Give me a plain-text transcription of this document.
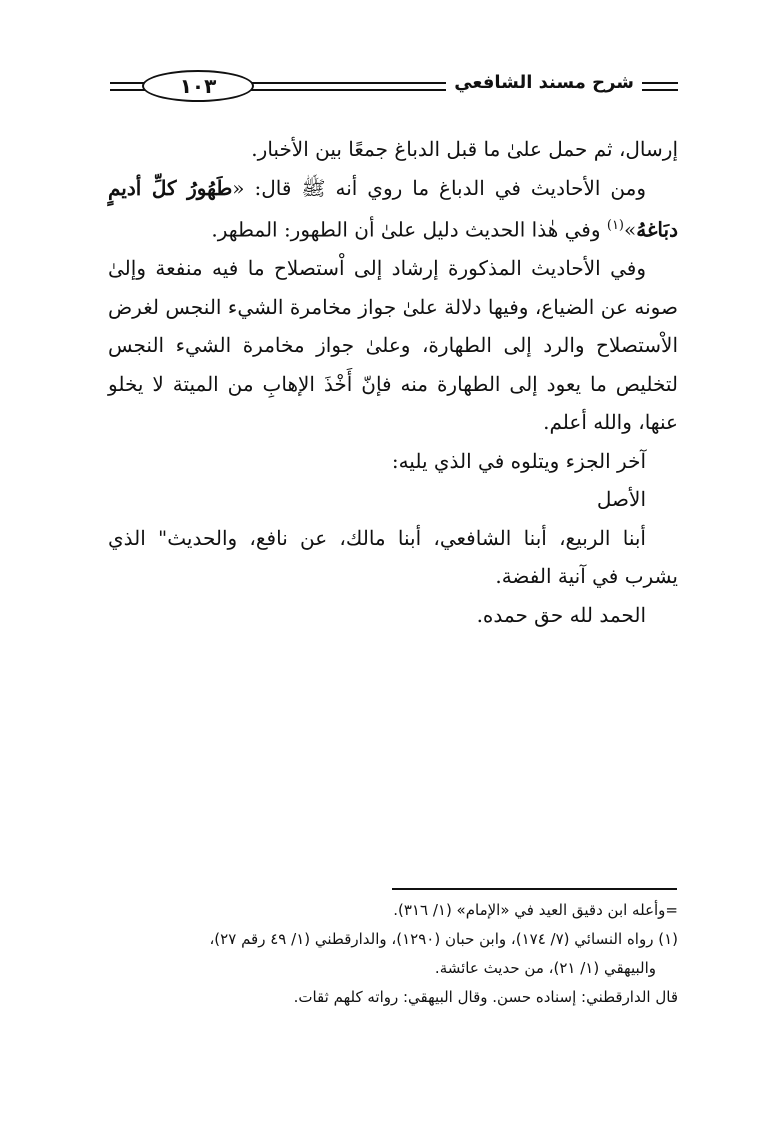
١٠٣	شرح مسند الشافعي

إرسال، ثم حمل علىٰ ما قبل الدباغ جمعًا بين الأخبار.

ومن الأحاديث في الدباغ ما روي أنه ﷺ قال: «طَهُورُ كلِّ أديمٍ دبَاغهُ»$^{(١)}$ وفي هٰذا الحديث دليل علىٰ أن الطهور: المطهر.

وفي الأحاديث المذكورة إرشاد إلى اْستصلاح ما فيه منفعة وإلىٰ صونه عن الضياع، وفيها دلالة علىٰ جواز مخامرة الشيء النجس لغرض الاْستصلاح والرد إلى الطهارة، وعلىٰ جواز مخامرة الشيء النجس لتخليص ما يعود إلى الطهارة منه فإنّ أَخْذَ الإهابِ من الميتة لا يخلو عنها، والله أعلم.

آخر الجزء ويتلوه في الذي يليه:

الأصل

أبنا الربيع، أبنا الشافعي، أبنا مالك، عن نافع، والحديث" الذي يشرب في آنية الفضة.

الحمد لله حق حمده.

=وأعله ابن دقيق العيد في «الإمام» (١/ ٣١٦).

(١) رواه النسائي (٧/ ١٧٤)، وابن حبان (١٢٩٠)، والدارقطني (١/ ٤٩ رقم ٢٧)،

والبيهقي (١/ ٢١)، من حديث عائشة.

قال الدارقطني: إسناده حسن. وقال البيهقي: رواته كلهم ثقات.
